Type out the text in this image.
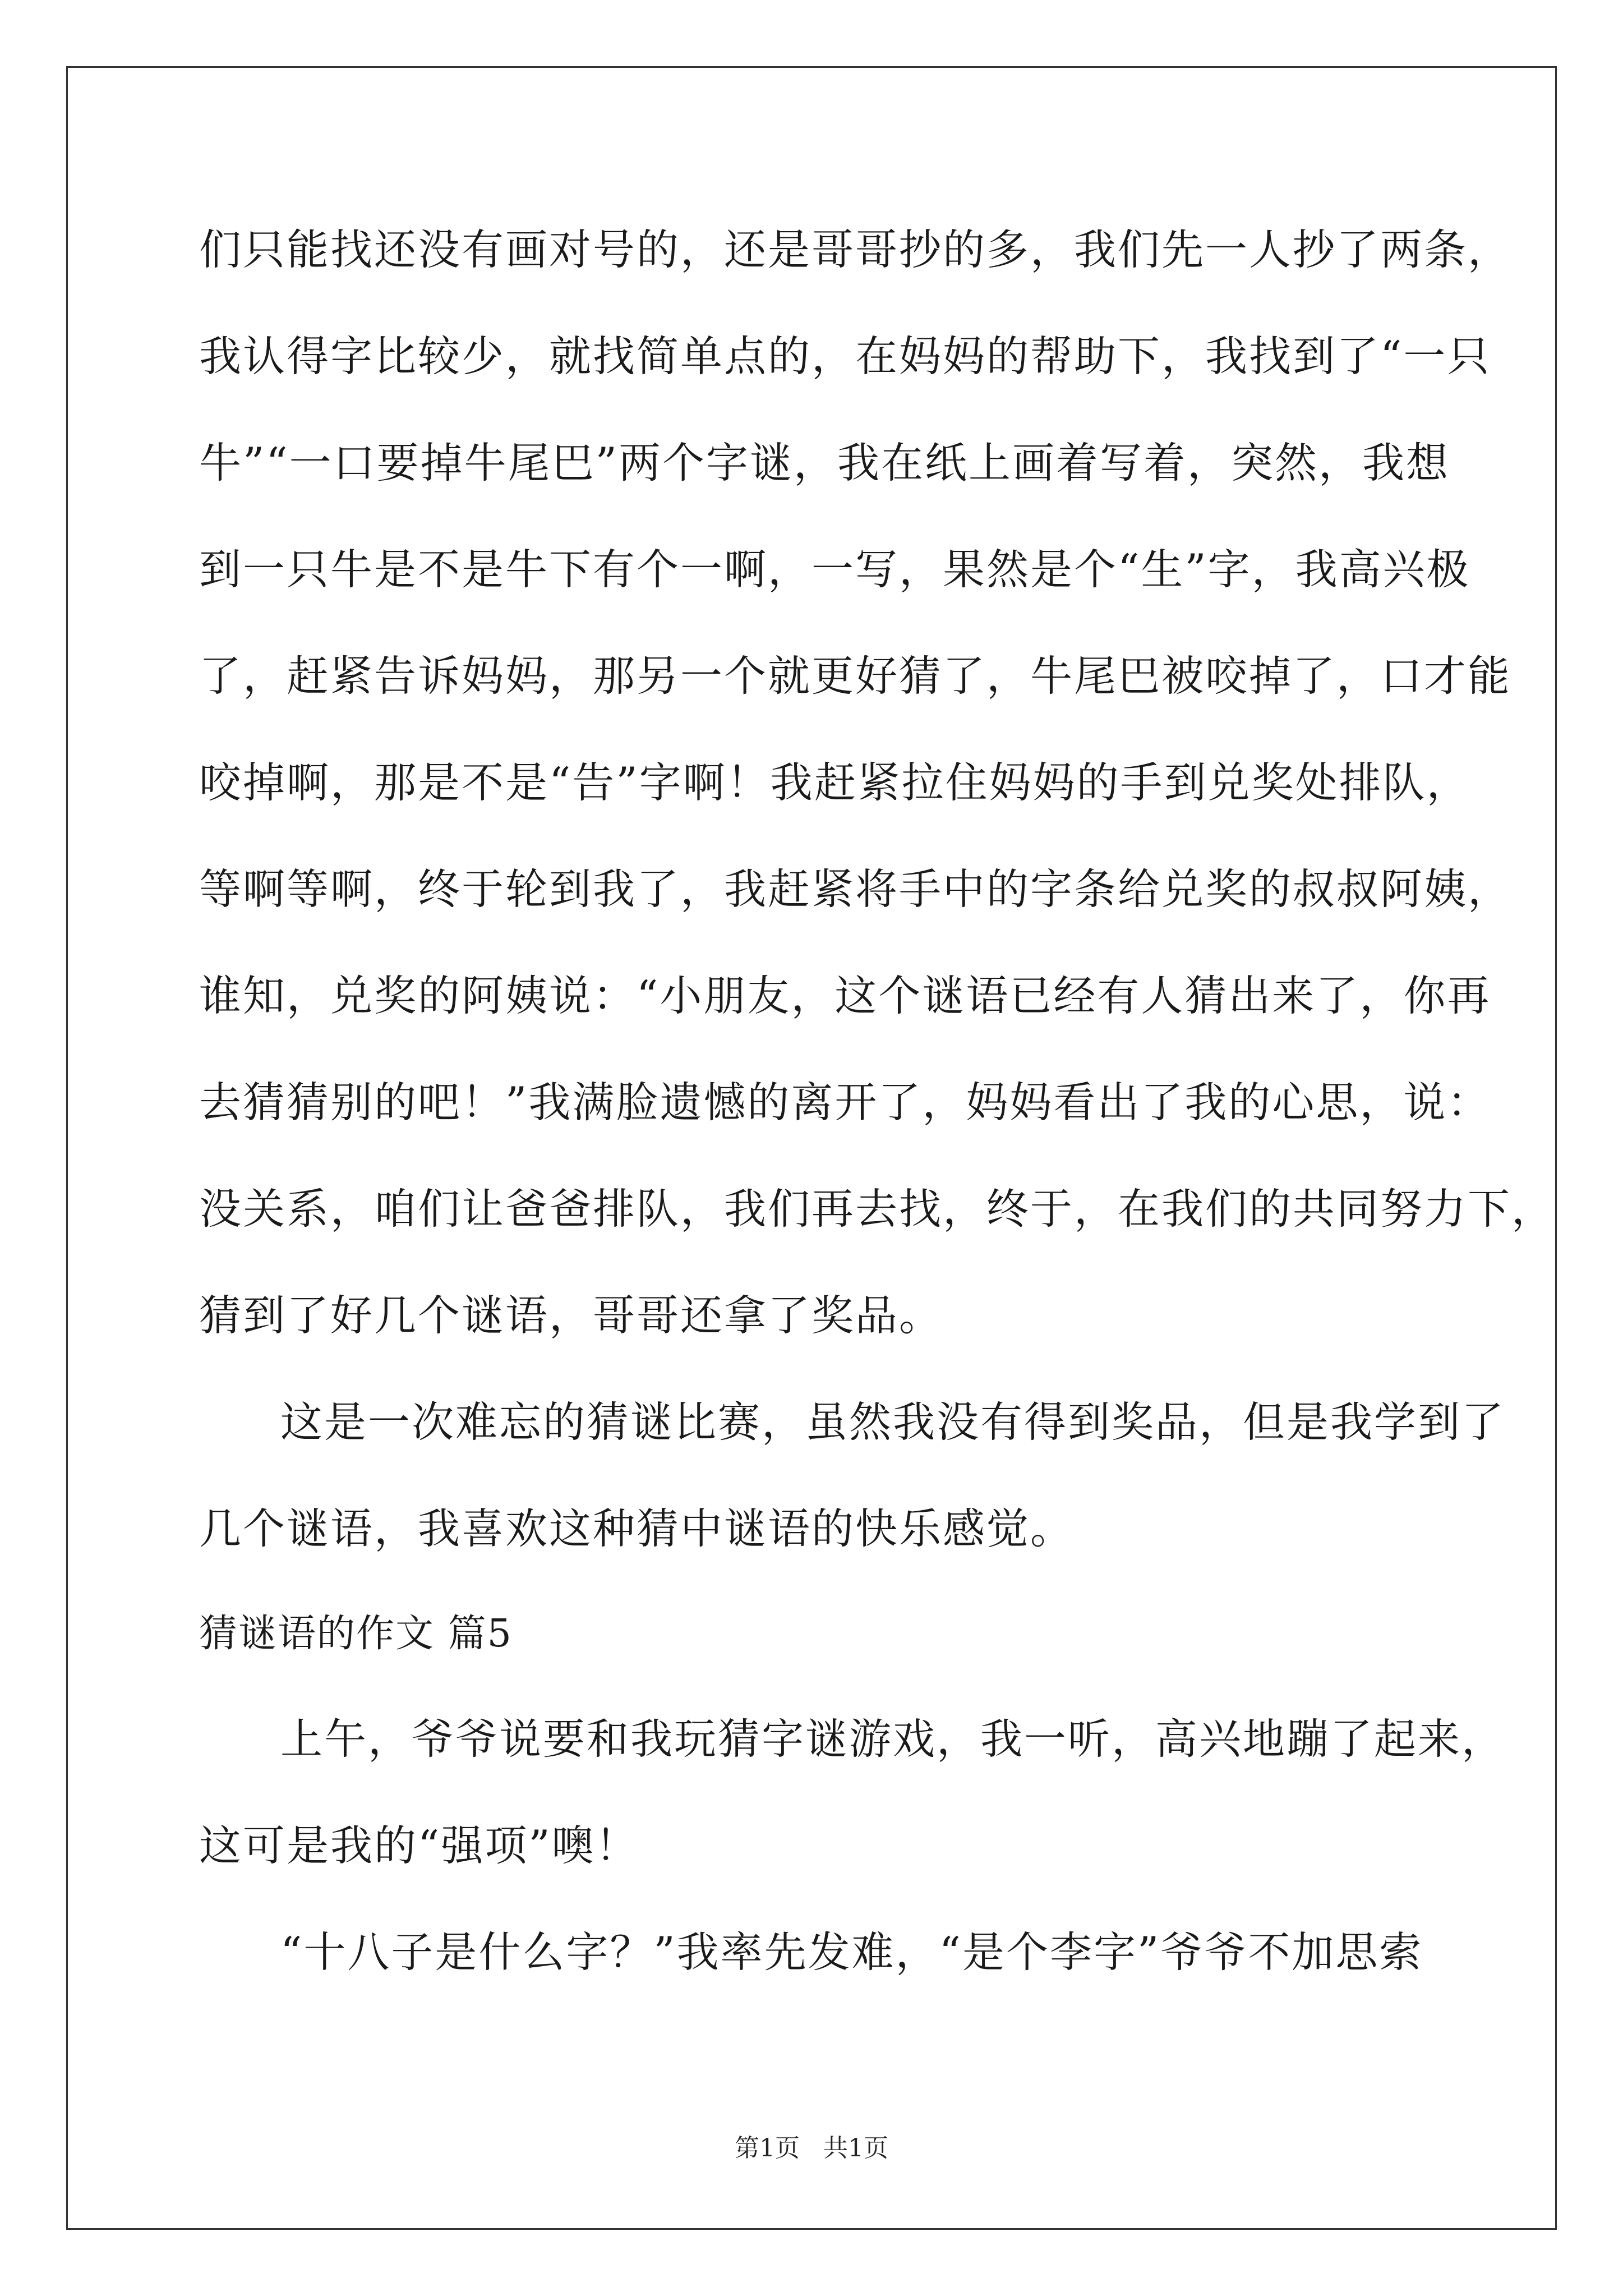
们只能找还没有画对号的，还是哥哥抄的多，我们先一人抄了两条，
我认得字比较少，就找简单点的，在妈妈的帮助下，我找到了“一只
牛”“一口要掉牛尾巴”两个字谜，我在纸上画着写着，突然，我想
到一只牛是不是牛下有个一啊，一写，果然是个“生”字，我高兴极
了，赶紧告诉妈妈，那另一个就更好猜了，牛尾巴被咬掉了，口才能
咬掉啊，那是不是“告”字啊！我赶紧拉住妈妈的手到兑奖处排队，
等啊等啊，终于轮到我了，我赶紧将手中的字条给兑奖的叔叔阿姨，
谁知，兑奖的阿姨说：“小朋友，这个谜语已经有人猜出来了，你再
去猜猜别的吧！”我满脸遗憾的离开了，妈妈看出了我的心思，说：
没关系，咱们让爸爸排队，我们再去找，终于，在我们的共同努力下，
猜到了好几个谜语，哥哥还拿了奖品。
这是一次难忘的猜谜比赛，虽然我没有得到奖品，但是我学到了
几个谜语，我喜欢这种猜中谜语的快乐感觉。
猜谜语的作文 篇5
上午，爷爷说要和我玩猜字谜游戏，我一听，高兴地蹦了起来，
这可是我的“强项”噢！
“十八子是什么字？”我率先发难，“是个李字”爷爷不加思索
第1页 共1页
